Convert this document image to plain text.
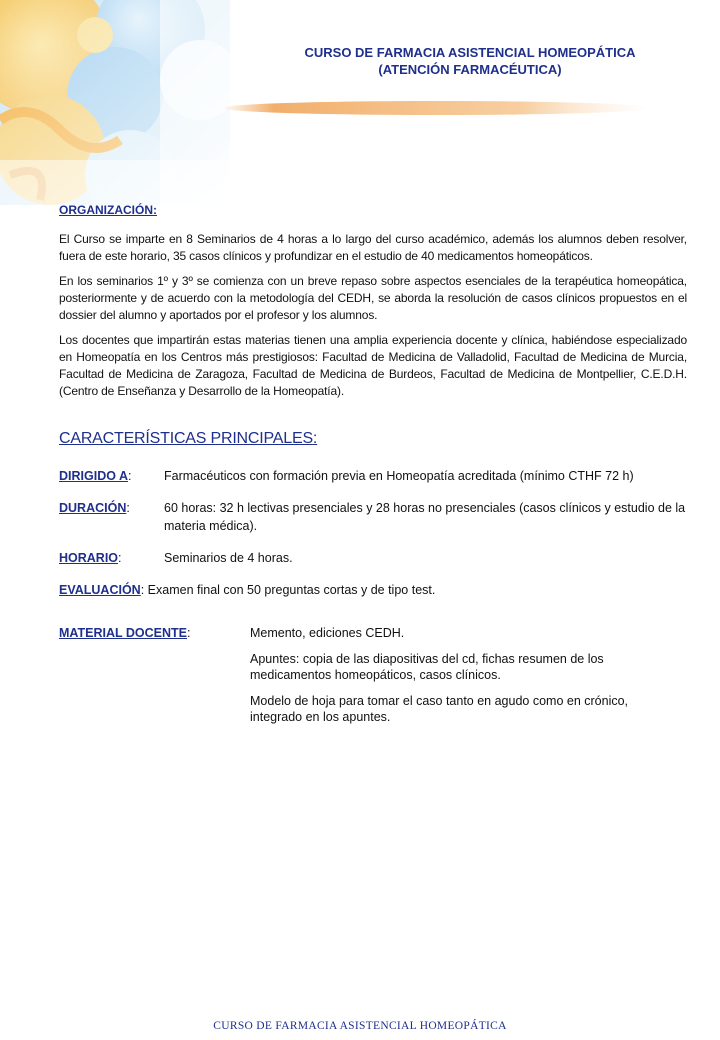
CURSO DE FARMACIA ASISTENCIAL HOMEOPÁTICA
(ATENCIÓN FARMACÉUTICA)
ORGANIZACIÓN:

El Curso se imparte en 8 Seminarios de 4 horas a lo largo del curso académico, además los alumnos deben resolver, fuera de este horario, 35 casos clínicos y profundizar en el estudio de 40 medicamentos homeopáticos.

En los seminarios 1º y 3º se comienza con un breve repaso sobre aspectos esenciales de la terapéutica homeopática, posteriormente y de acuerdo con la metodología del CEDH, se aborda la resolución de casos clínicos propuestos en el dossier del alumno y aportados por el profesor y los alumnos.

Los docentes que impartirán estas materias tienen una amplia experiencia docente y clínica, habiéndose especializado en Homeopatía en los Centros más prestigiosos: Facultad de Medicina de Valladolid, Facultad de Medicina de Murcia, Facultad de Medicina de Zaragoza, Facultad de Medicina de Burdeos, Facultad de Medicina de Montpellier, C.E.D.H. (Centro de Enseñanza y Desarrollo de la Homeopatía).

CARACTERÍSTICAS PRINCIPALES:
DIRIGIDO A:	Farmacéuticos con formación previa en Homeopatía acreditada (mínimo CTHF 72 h)
DURACIÓN:	60 horas: 32 h lectivas presenciales y 28 horas no presenciales (casos clínicos y estudio de la materia médica).
HORARIO:	Seminarios de 4 horas.
EVALUACIÓN: Examen final con 50 preguntas cortas y de tipo test.
MATERIAL DOCENTE:	Memento, ediciones CEDH.

Apuntes: copia de las diapositivas del cd, fichas resumen de los medicamentos homeopáticos, casos clínicos.

Modelo de hoja para tomar el caso tanto en agudo como en crónico, integrado en los apuntes.

CURSO DE FARMACIA ASISTENCIAL HOMEOPÁTICA
